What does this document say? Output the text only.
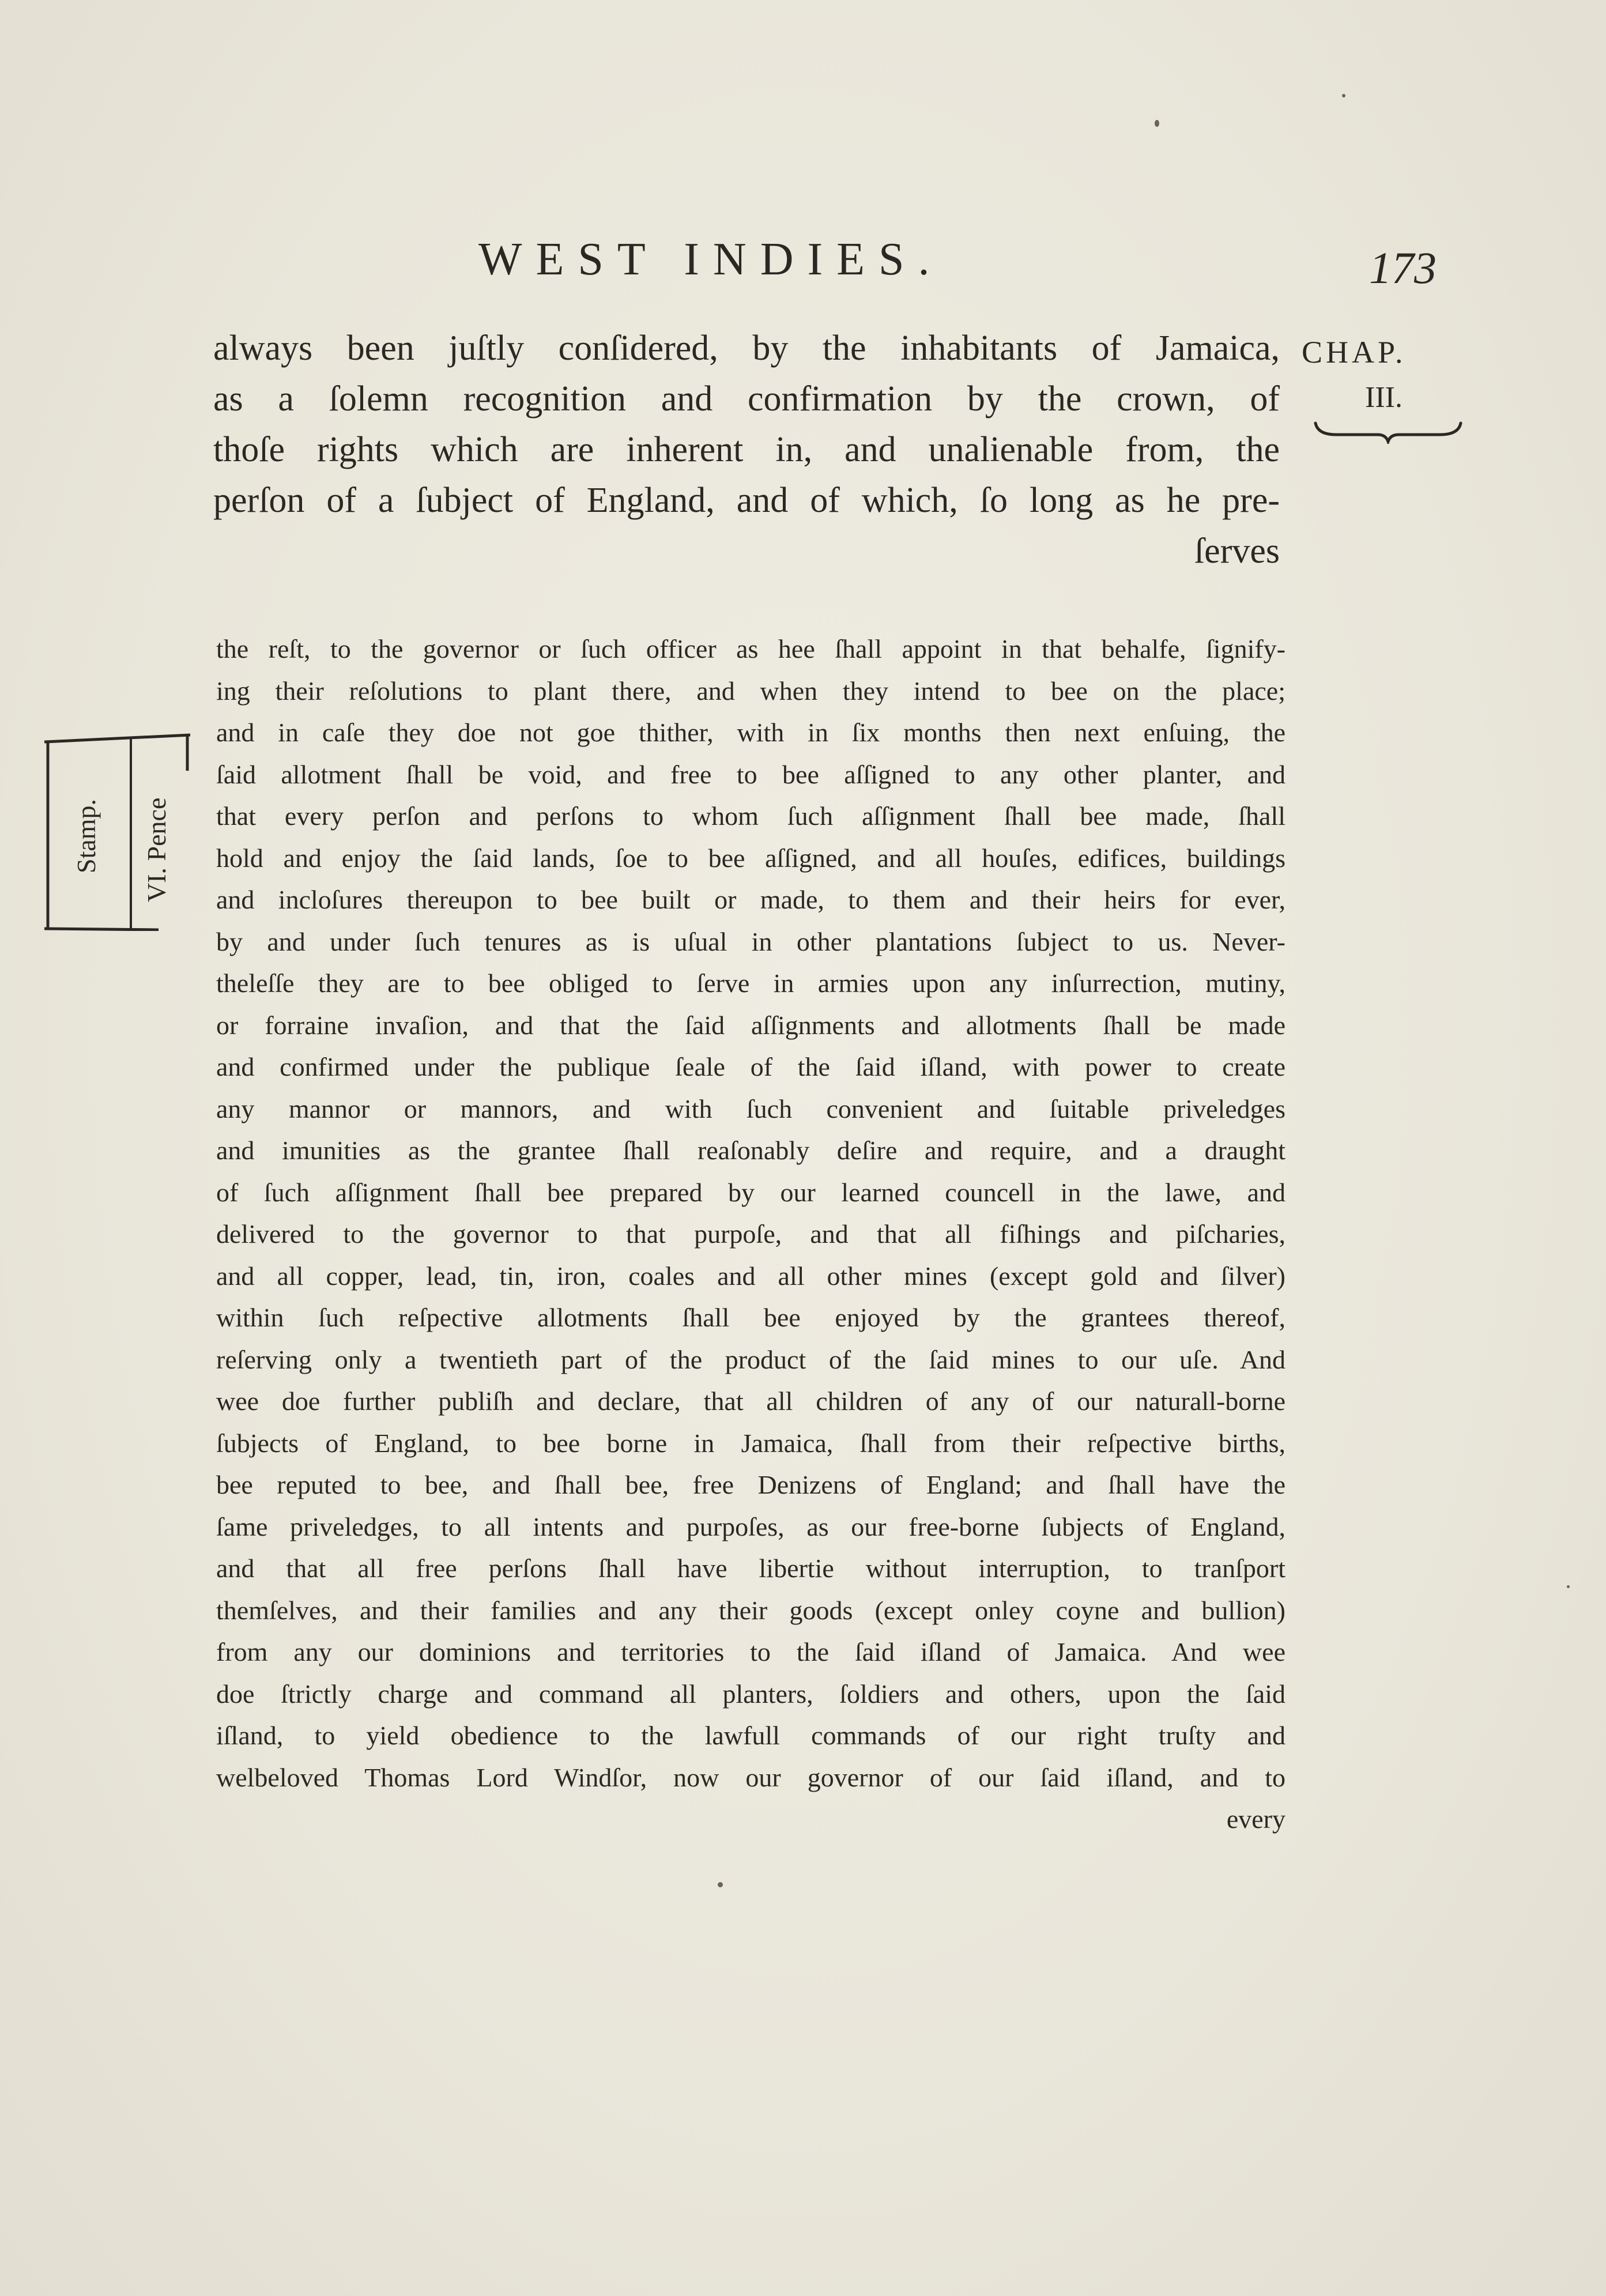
WEST INDIES.	173
CHAP.
III.
always been juſtly conſidered, by the inhabitants of Jamaica,
as a ſolemn recognition and confirmation by the crown, of
thoſe rights which are inherent in, and unalienable from, the
perſon of a ſubject of England, and of which, ſo long as he pre-
ſerves
Stamp. VI. Pence
the reſt, to the governor or ſuch officer as hee ſhall appoint in that behalfe, ſignify-
ing their reſolutions to plant there, and when they intend to bee on the place;
and in caſe they doe not goe thither, with in ſix months then next enſuing, the
ſaid allotment ſhall be void, and free to bee aſſigned to any other planter, and
that every perſon and perſons to whom ſuch aſſignment ſhall bee made, ſhall
hold and enjoy the ſaid lands, ſoe to bee aſſigned, and all houſes, edifices, buildings
and incloſures thereupon to bee built or made, to them and their heirs for ever,
by and under ſuch tenures as is uſual in other plantations ſubject to us. Never-
theleſſe they are to bee obliged to ſerve in armies upon any inſurrection, mutiny,
or forraine invaſion, and that the ſaid aſſignments and allotments ſhall be made
and confirmed under the publique ſeale of the ſaid iſland, with power to create
any mannor or mannors, and with ſuch convenient and ſuitable priveledges
and imunities as the grantee ſhall reaſonably deſire and require, and a draught
of ſuch aſſignment ſhall bee prepared by our learned councell in the lawe, and
delivered to the governor to that purpoſe, and that all fiſhings and piſcharies,
and all copper, lead, tin, iron, coales and all other mines (except gold and ſilver)
within ſuch reſpective allotments ſhall bee enjoyed by the grantees thereof,
reſerving only a twentieth part of the product of the ſaid mines to our uſe. And
wee doe further publiſh and declare, that all children of any of our naturall-borne
ſubjects of England, to bee borne in Jamaica, ſhall from their reſpective births,
bee reputed to bee, and ſhall bee, free Denizens of England; and ſhall have the
ſame priveledges, to all intents and purpoſes, as our free-borne ſubjects of England,
and that all free perſons ſhall have libertie without interruption, to tranſport
themſelves, and their families and any their goods (except onley coyne and bullion)
from any our dominions and territories to the ſaid iſland of Jamaica. And wee
doe ſtrictly charge and command all planters, ſoldiers and others, upon the ſaid
iſland, to yield obedience to the lawfull commands of our right truſty and
welbeloved Thomas Lord Windſor, now our governor of our ſaid iſland, and to
every
